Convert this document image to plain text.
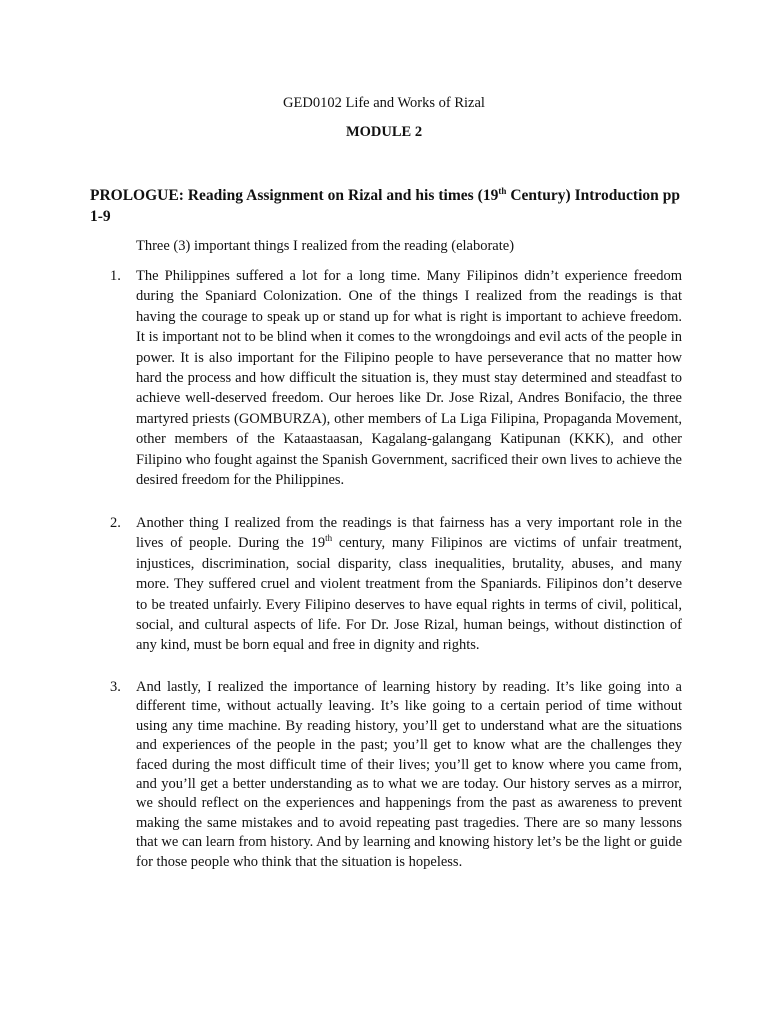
GED0102 Life and Works of Rizal
MODULE 2
PROLOGUE: Reading Assignment on Rizal and his times (19th Century) Introduction pp 1-9
Three (3) important things I realized from the reading (elaborate)
1.	The Philippines suffered a lot for a long time. Many Filipinos didn’t experience freedom during the Spaniard Colonization. One of the things I realized from the readings is that having the courage to speak up or stand up for what is right is important to achieve freedom. It is important not to be blind when it comes to the wrongdoings and evil acts of the people in power. It is also important for the Filipino people to have perseverance that no matter how hard the process and how difficult the situation is, they must stay determined and steadfast to achieve well-deserved freedom. Our heroes like Dr. Jose Rizal, Andres Bonifacio, the three martyred priests (GOMBURZA), other members of La Liga Filipina, Propaganda Movement, other members of the Kataastaasan, Kagalang-galangang Katipunan (KKK), and other Filipino who fought against the Spanish Government, sacrificed their own lives to achieve the desired freedom for the Philippines.
2.	Another thing I realized from the readings is that fairness has a very important role in the lives of people. During the 19th century, many Filipinos are victims of unfair treatment, injustices, discrimination, social disparity, class inequalities, brutality, abuses, and many more. They suffered cruel and violent treatment from the Spaniards. Filipinos don’t deserve to be treated unfairly. Every Filipino deserves to have equal rights in terms of civil, political, social, and cultural aspects of life. For Dr. Jose Rizal, human beings, without distinction of any kind, must be born equal and free in dignity and rights.
3.	And lastly, I realized the importance of learning history by reading. It’s like going into a different time, without actually leaving. It’s like going to a certain period of time without using any time machine. By reading history, you’ll get to understand what are the situations and experiences of the people in the past; you’ll get to know what are the challenges they faced during the most difficult time of their lives; you’ll get to know where you came from, and you’ll get a better understanding as to what we are today. Our history serves as a mirror, we should reflect on the experiences and happenings from the past as awareness to prevent making the same mistakes and to avoid repeating past tragedies. There are so many lessons that we can learn from history. And by learning and knowing history let’s be the light or guide for those people who think that the situation is hopeless.
